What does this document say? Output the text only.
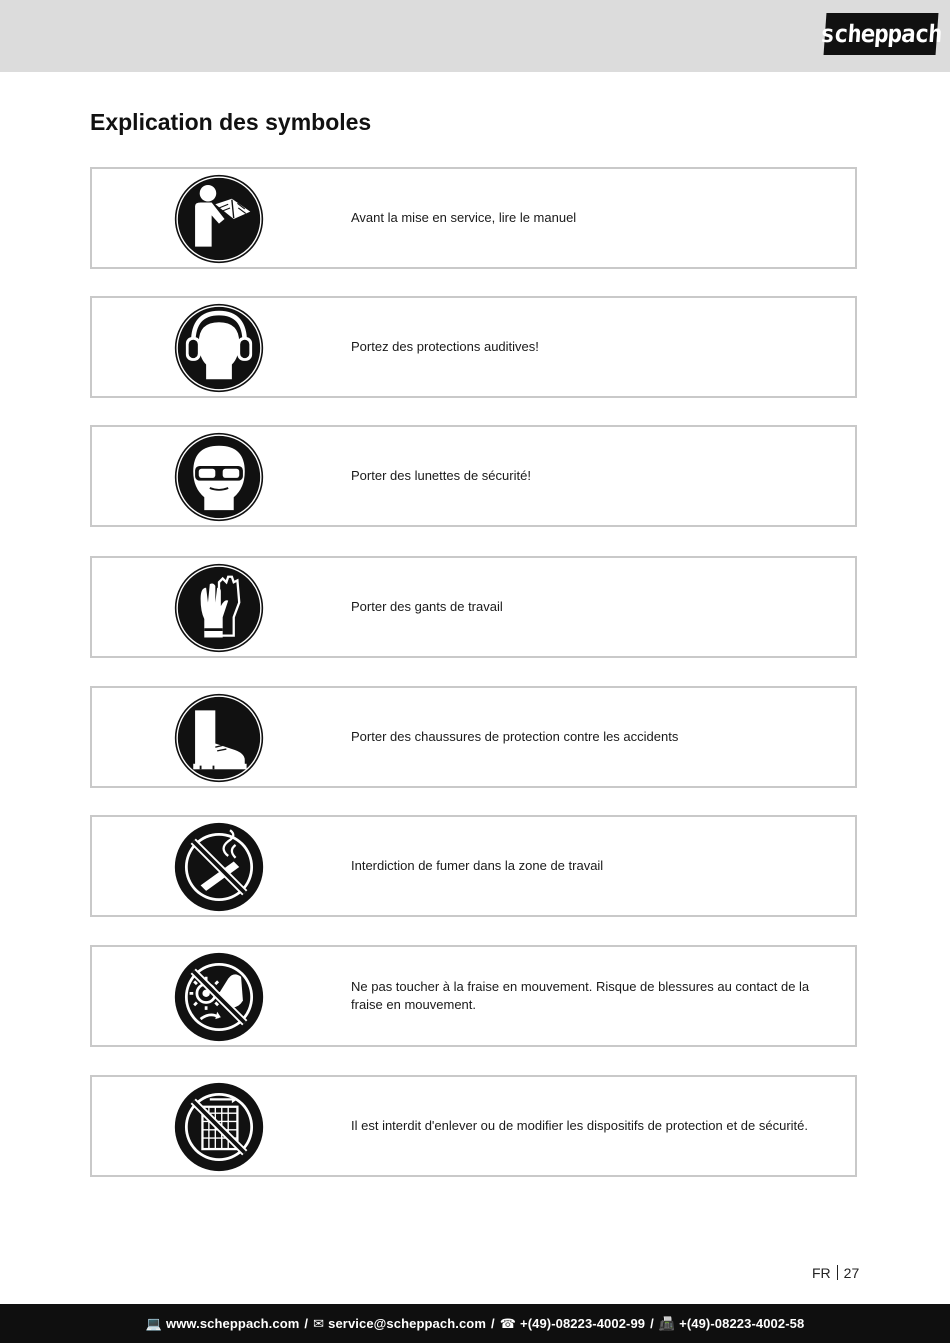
scheppach
Explication des symboles
Avant la mise en service, lire le manuel
Portez des protections auditives!
Porter des lunettes de sécurité!
Porter des gants de travail
Porter des chaussures de protection contre les accidents
Interdiction de fumer dans la zone de travail
Ne pas toucher à la fraise en mouvement. Risque de blessures au contact de la fraise en mouvement.
Il est interdit d'enlever ou de modifier les dispositifs de protection et de sécurité.
FR 27
💻 www.scheppach.com / ✉ service@scheppach.com / ☎ +(49)-08223-4002-99 / 📠 +(49)-08223-4002-58
